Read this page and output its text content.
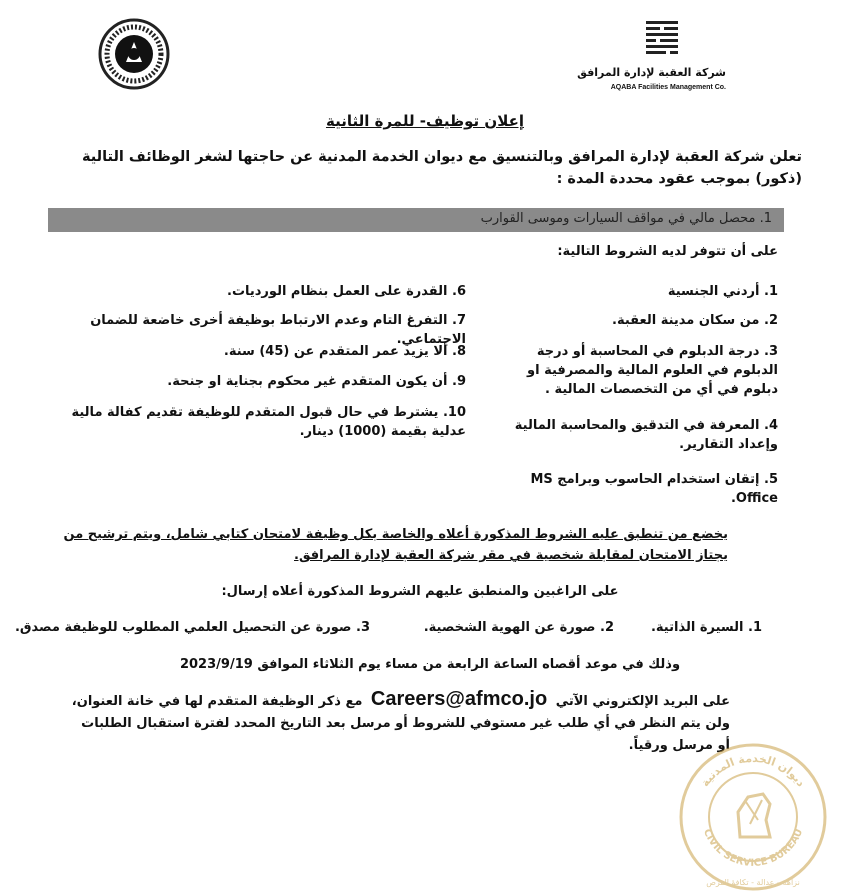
شركة العقبة لإدارة المرافق
AQABA Facilities Management Co.
إعلان توظيف- للمرة الثانية
تعلن شركة العقبة لإدارة المرافق وبالتنسيق مع ديوان الخدمة المدنية عن حاجتها لشغر الوظائف التالية (ذكور) بموجب عقود محددة المدة :
1. محصل مالي في مواقف السيارات وموسى القوارب
على أن تتوفر لديه الشروط التالية:
1. أردني الجنسية
2. من سكان مدينة العقبة.
3. درجة الدبلوم في المحاسبة أو درجة الدبلوم في العلوم المالية والمصرفية او دبلوم في أي من التخصصات المالية .
4. المعرفة في التدقيق والمحاسبة المالية وإعداد التقارير.
5. إتقان استخدام الحاسوب وبرامج MS Office.
6. القدرة على العمل بنظام الورديات.
7. التفرغ التام وعدم الارتباط بوظيفة أخرى خاضعة للضمان الاجتماعي.
8. ألا يزيد عمر المتقدم عن (45) سنة.
9. أن يكون المتقدم غير محكوم بجناية او جنحة.
10. يشترط في حال قبول المتقدم للوظيفة تقديم كفالة مالية عدلية بقيمة (1000) دينار.
يخضع من تنطبق عليه الشروط المذكورة أعلاه والخاصة بكل وظيفة لامتحان كتابي شامل، ويتم ترشيح من يجتاز الامتحان لمقابلة شخصية في مقر شركة العقبة لإدارة المرافق.
على الراغبين والمنطبق عليهم الشروط المذكورة أعلاه إرسال:
1. السيرة الذاتية.
2. صورة عن الهوية الشخصية.
3. صورة عن التحصيل العلمي المطلوب للوظيفة مصدق.
وذلك في موعد أقصاه الساعة الرابعة من مساء يوم الثلاثاء الموافق 2023/9/19
على البريد الإلكتروني الآتي Careers@afmco.jo مع ذكر الوظيفة المتقدم لها في خانة العنوان، ولن يتم النظر في أي طلب غير مستوفي للشروط أو مرسل بعد التاريخ المحدد لفترة استقبال الطلبات أو مرسل ورقياً.
ديوان الخدمة المدنية
CIVIL SERVICE BUREAU
نزاهة - عدالة - تكافؤ الفرص
